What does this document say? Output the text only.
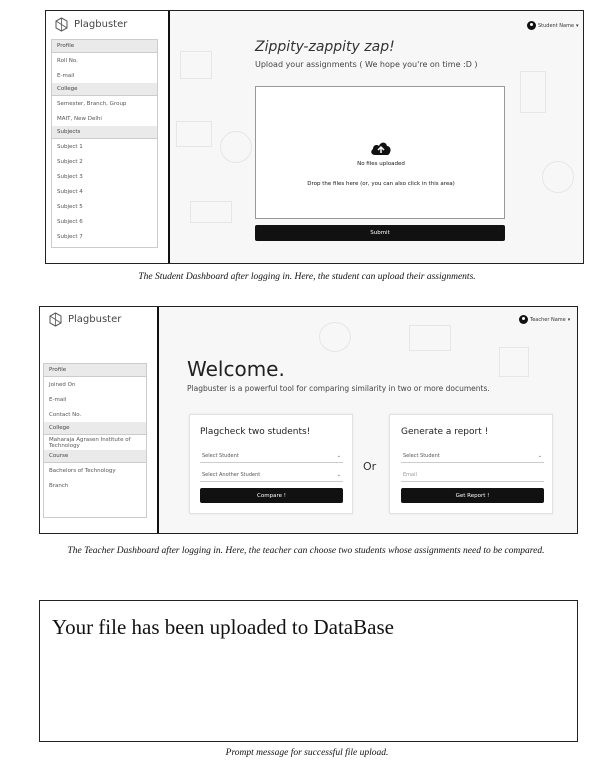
Plagbuster
Profile
Roll No.
E-mail
College
Semester, Branch, Group
MAIT, New Delhi
Subjects
Subject 1
Subject 2
Subject 3
Subject 4
Subject 5
Subject 6
Subject 7
Student Name ▾
Zippity-zappity zap!
Upload your assignments ( We hope you're on time :D )
No files uploaded
Drop the files here (or, you can also click in this area)
Submit
The Student Dashboard after logging in. Here, the student can upload their assignments.
Plagbuster
Profile
Joined On
E-mail
Contact No.
College
Maharaja Agrasen Institute of Technology
Course
Bachelors of Technology
Branch
Teacher Name ▾
Welcome.
Plagbuster is a powerful tool for comparing similarity in two or more documents.
Plagcheck two students!
Select Student	⌄
Select Another Student	⌄
Compare !
Or
Generate a report !
Select Student	⌄
Email
Get Report !
The Teacher Dashboard after logging in. Here, the teacher can choose two students whose assignments need to be compared.
Your file has been uploaded to DataBase
Prompt message for successful file upload.
